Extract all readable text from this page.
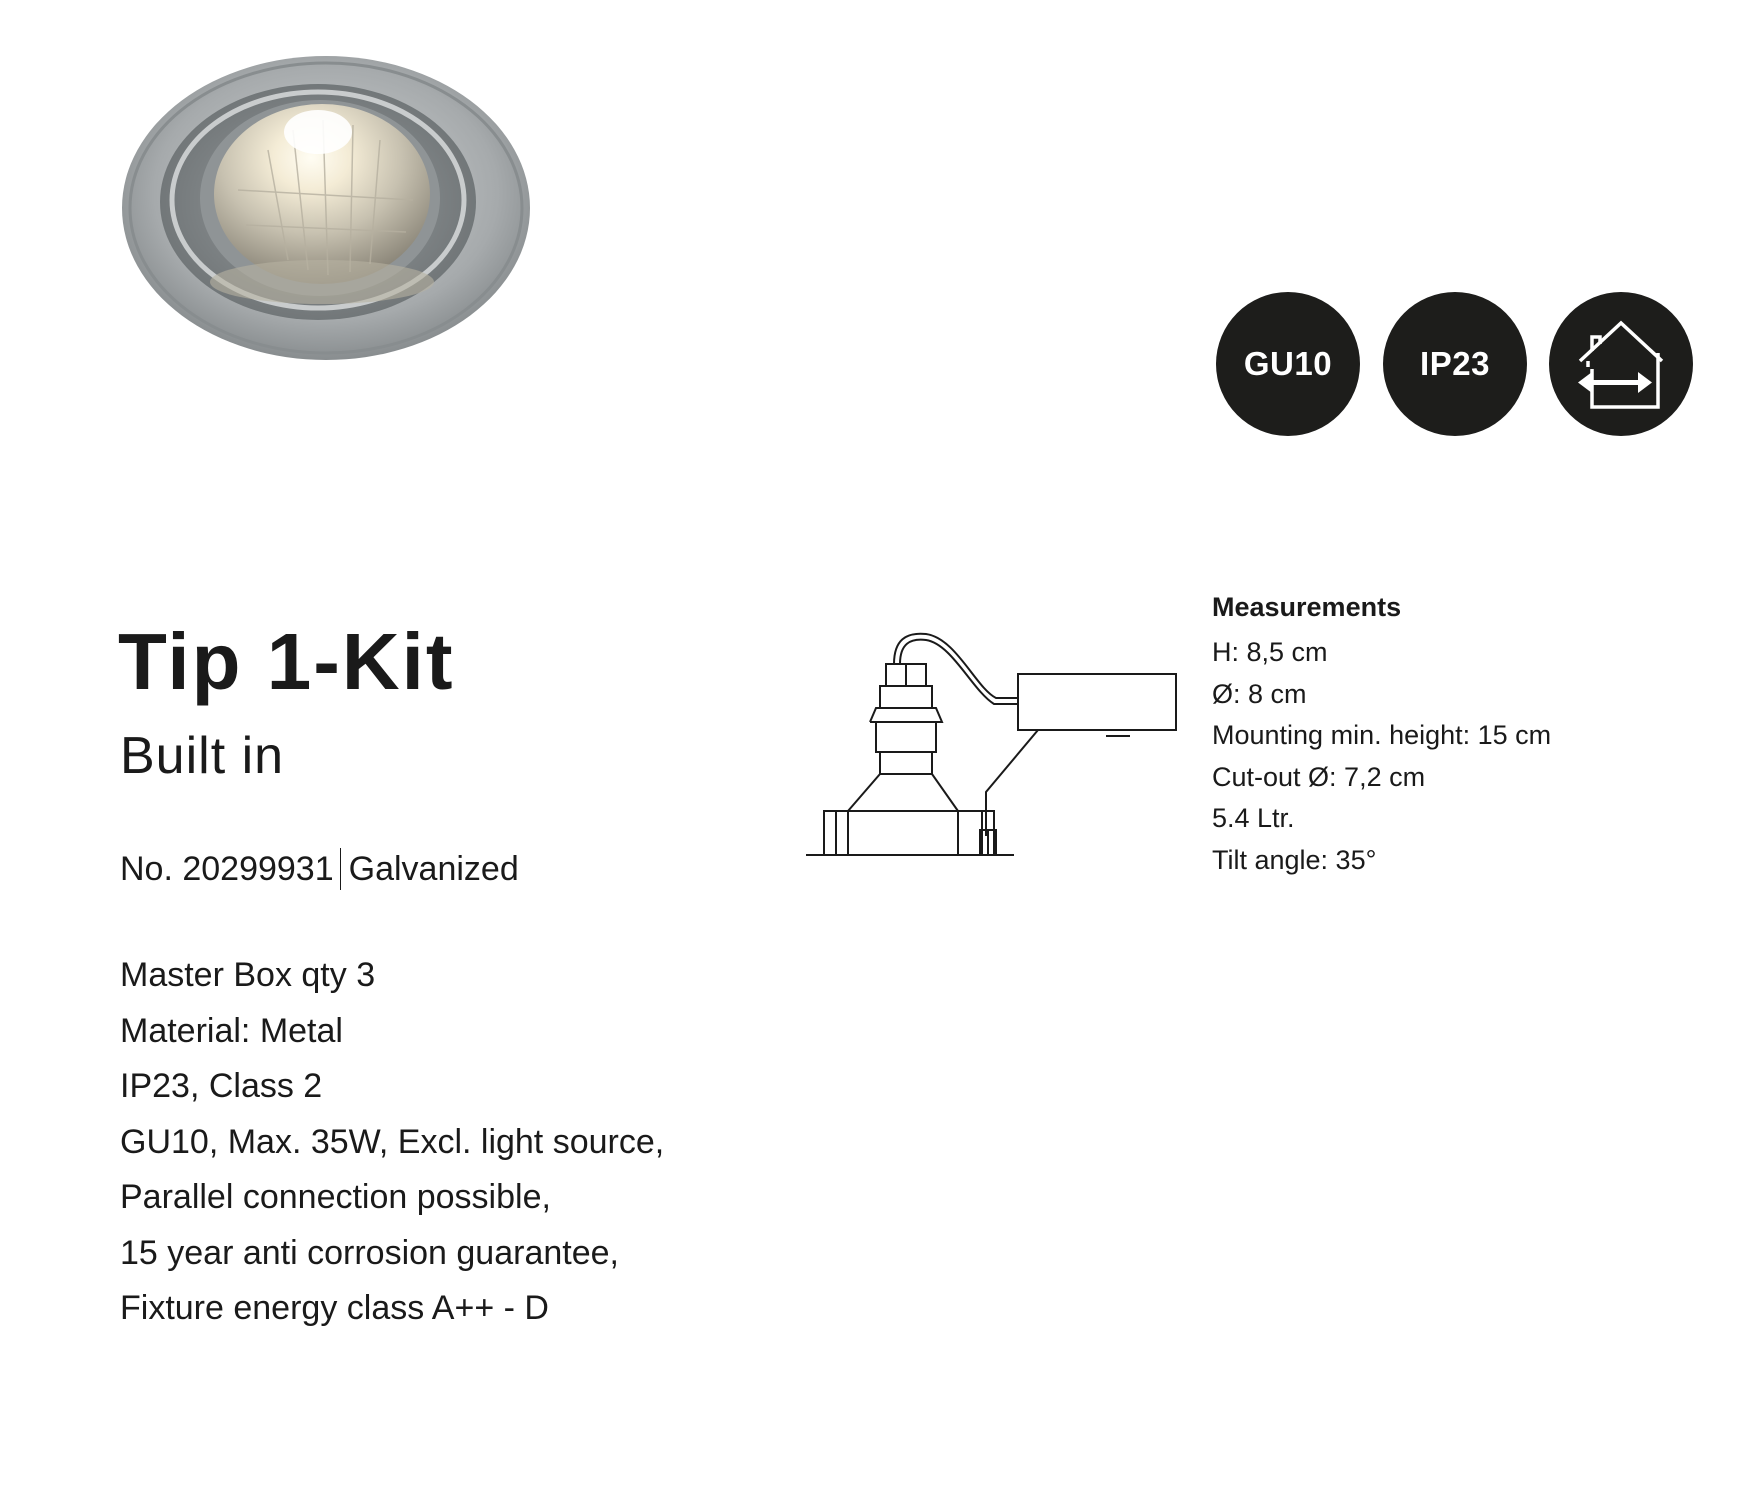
GU10	IP23
Tip 1-Kit
Built in
No. 20299931 Galvanized
Master Box qty 3
Material: Metal
IP23, Class 2
GU10, Max. 35W, Excl. light source,
Parallel connection possible,
15 year anti corrosion guarantee,
Fixture energy class A++ - D
Measurements
H: 8,5 cm
Ø: 8 cm
Mounting min. height: 15 cm
Cut-out Ø: 7,2 cm
5.4 Ltr.
Tilt angle: 35°
